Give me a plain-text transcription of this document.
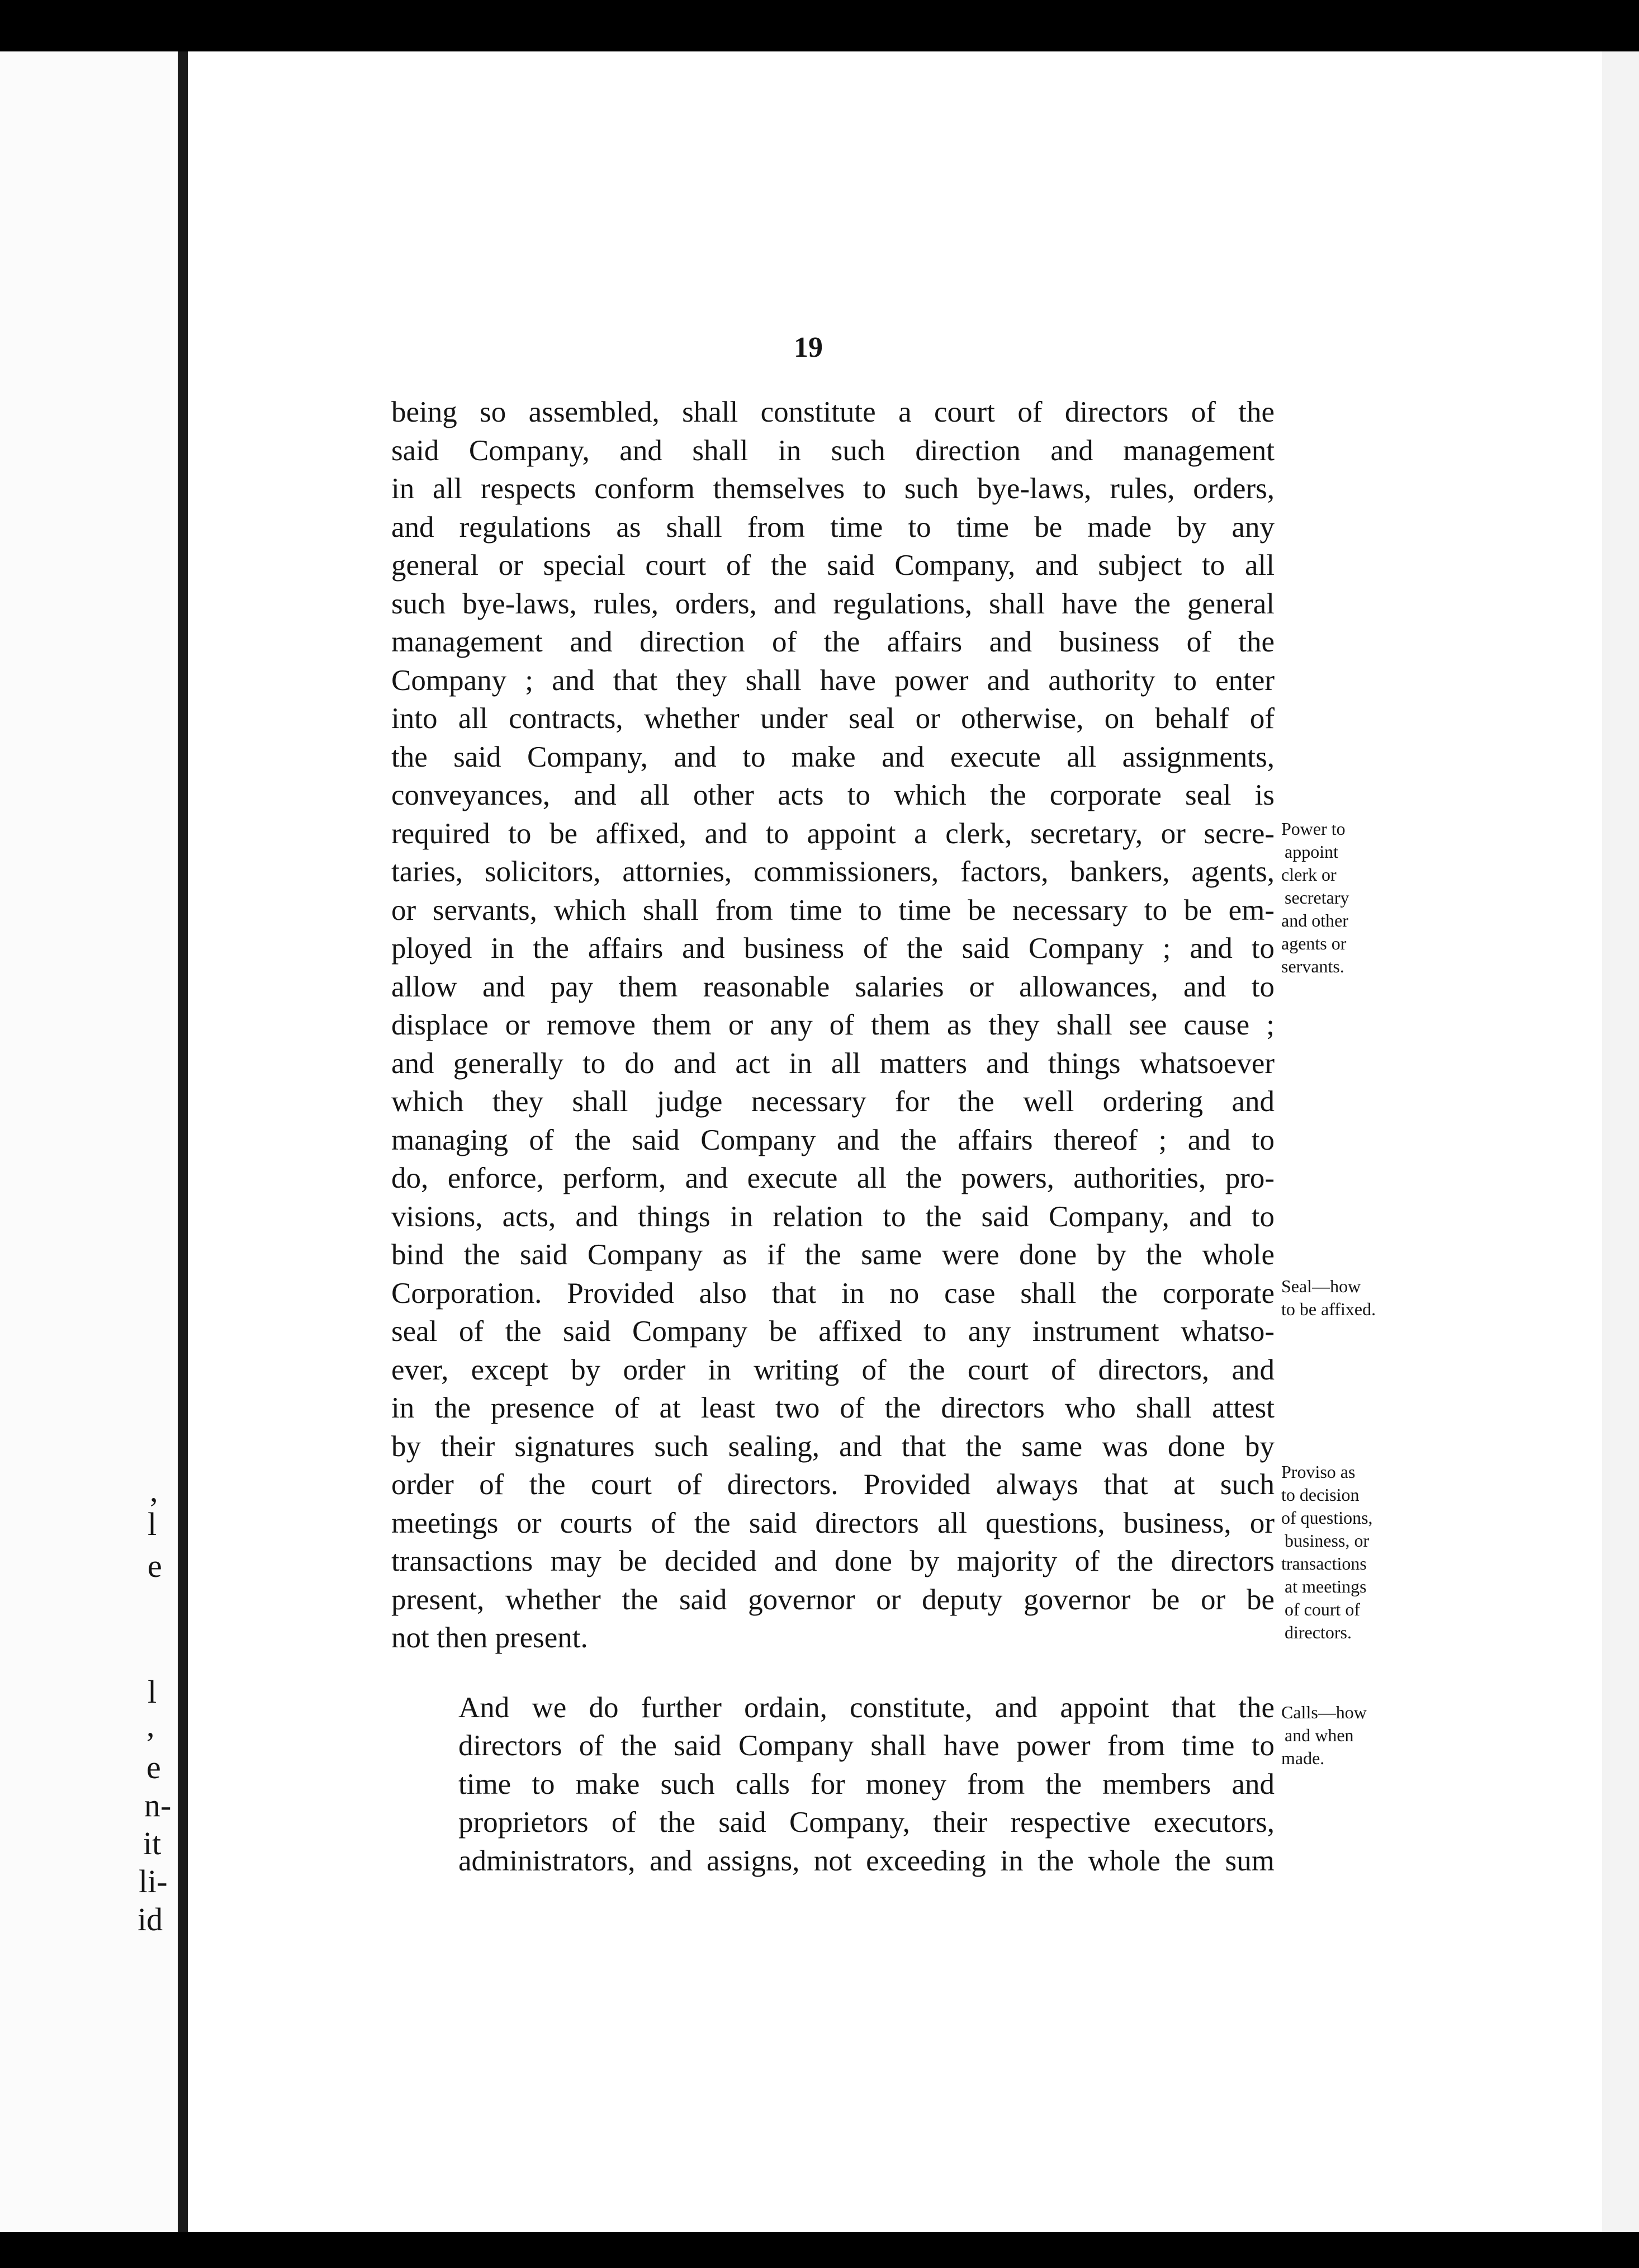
,
l
e
l
,
e
n-
it
li-
id
19
being so assembled, shall constitute a court of directors of the
said Company, and shall in such direction and management
in all respects conform themselves to such bye-laws, rules, orders,
and regulations as shall from time to time be made by any
general or special court of the said Company, and subject to all
such bye-laws, rules, orders, and regulations, shall have the general
management and direction of the affairs and business of the
Company ; and that they shall have power and authority to enter
into all contracts, whether under seal or otherwise, on behalf of
the said Company, and to make and execute all assignments,
conveyances, and all other acts to which the corporate seal is
required to be affixed, and to appoint a clerk, secretary, or secre-
taries, solicitors, attornies, commissioners, factors, bankers, agents,
or servants, which shall from time to time be necessary to be em-
ployed in the affairs and business of the said Company ; and to
allow and pay them reasonable salaries or allowances, and to
displace or remove them or any of them as they shall see cause ;
and generally to do and act in all matters and things whatsoever
which they shall judge necessary for the well ordering and
managing of the said Company and the affairs thereof ; and to
do, enforce, perform, and execute all the powers, authorities, pro-
visions, acts, and things in relation to the said Company, and to
bind the said Company as if the same were done by the whole
Corporation. Provided also that in no case shall the corporate
seal of the said Company be affixed to any instrument whatso-
ever, except by order in writing of the court of directors, and
in the presence of at least two of the directors who shall attest
by their signatures such sealing, and that the same was done by
order of the court of directors. Provided always that at such
meetings or courts of the said directors all questions, business, or
transactions may be decided and done by majority of the directors
present, whether the said governor or deputy governor be or be
not then present.
And we do further ordain, constitute, and appoint that the
directors of the said Company shall have power from time to
time to make such calls for money from the members and
proprietors of the said Company, their respective executors,
administrators, and assigns, not exceeding in the whole the sum
Power to
appoint
clerk or
secretary
and other
agents or
servants.
Seal—how
to be affixed.
Proviso as
to decision
of questions,
business, or
transactions
at meetings
of court of
directors.
Calls—how
and when
made.
